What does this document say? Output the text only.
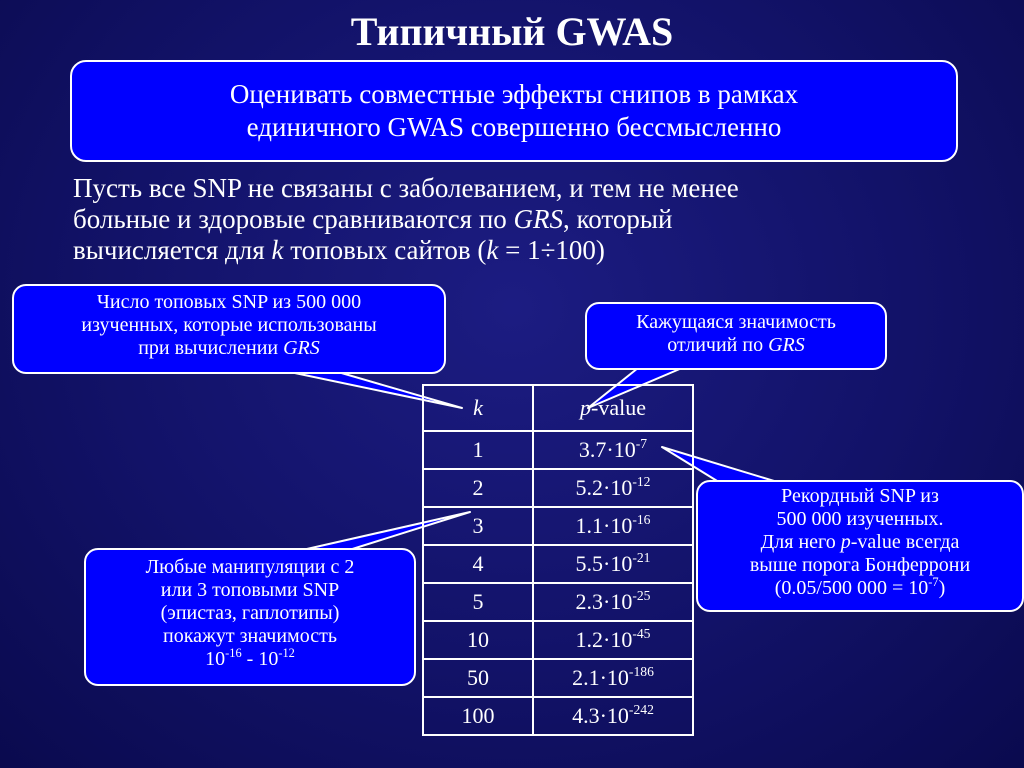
Типичный GWAS
Оценивать совместные эффекты снипов в рамках
единичного GWAS совершенно бессмысленно
Пусть все SNP не связаны с заболеванием, и тем не менее
больные и здоровые сравниваются по GRS, который
вычисляется для k топовых сайтов (k = 1÷100)
Число топовых SNP из 500 000
изученных, которые использованы
при вычислении GRS
Кажущаяся значимость
отличий по GRS
Рекордный SNP из
500 000 изученных.
Для него p-value всегда
выше порога Бонферрони
(0.05/500 $000 = 10^{-7}$)
Любые манипуляции с 2
или 3 топовыми SNP
(эпистаз, гаплотипы)
покажут значимость
$10^{-16} - 10^{-12}$
k	p-value
1	$3.7\cdot 10^{-7}$
2	$5.2\cdot 10^{-12}$
3	$1.1\cdot 10^{-16}$
4	$5.5\cdot 10^{-21}$
5	$2.3\cdot 10^{-25}$
10	$1.2\cdot 10^{-45}$
50	$2.1\cdot 10^{-186}$
100	$4.3\cdot 10^{-242}$
